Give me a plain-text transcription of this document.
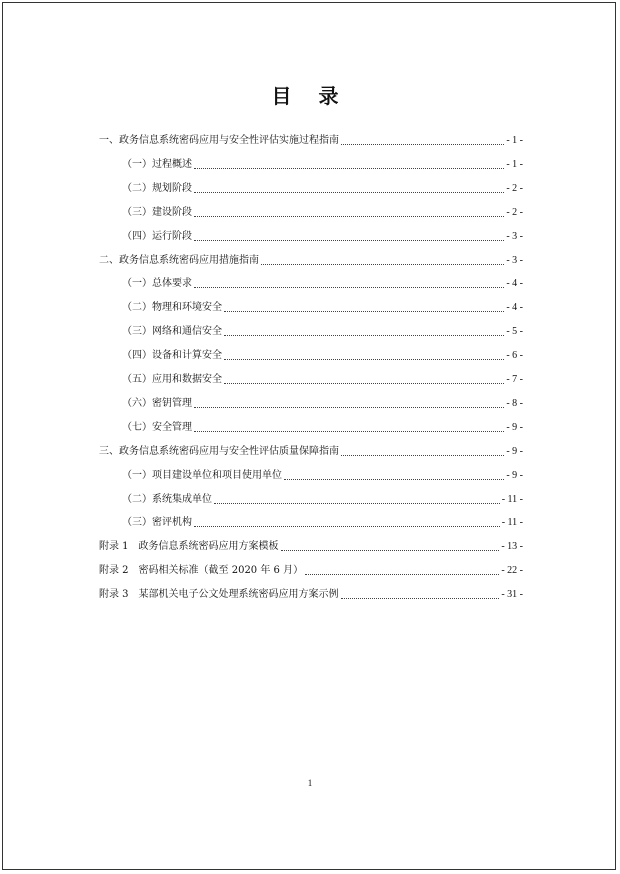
目 录
一、政务信息系统密码应用与安全性评估实施过程指南	- 1 -
（一）过程概述	- 1 -
（二）规划阶段	- 2 -
（三）建设阶段	- 2 -
（四）运行阶段	- 3 -
二、政务信息系统密码应用措施指南	- 3 -
（一）总体要求	- 4 -
（二）物理和环境安全	- 4 -
（三）网络和通信安全	- 5 -
（四）设备和计算安全	- 6 -
（五）应用和数据安全	- 7 -
（六）密钥管理	- 8 -
（七）安全管理	- 9 -
三、政务信息系统密码应用与安全性评估质量保障指南	- 9 -
（一）项目建设单位和项目使用单位	- 9 -
（二）系统集成单位	- 11 -
（三）密评机构	- 11 -
附录 1　政务信息系统密码应用方案模板	- 13 -
附录 2　密码相关标准（截至 2020 年 6 月）	- 22 -
附录 3　某部机关电子公文处理系统密码应用方案示例	- 31 -
1
